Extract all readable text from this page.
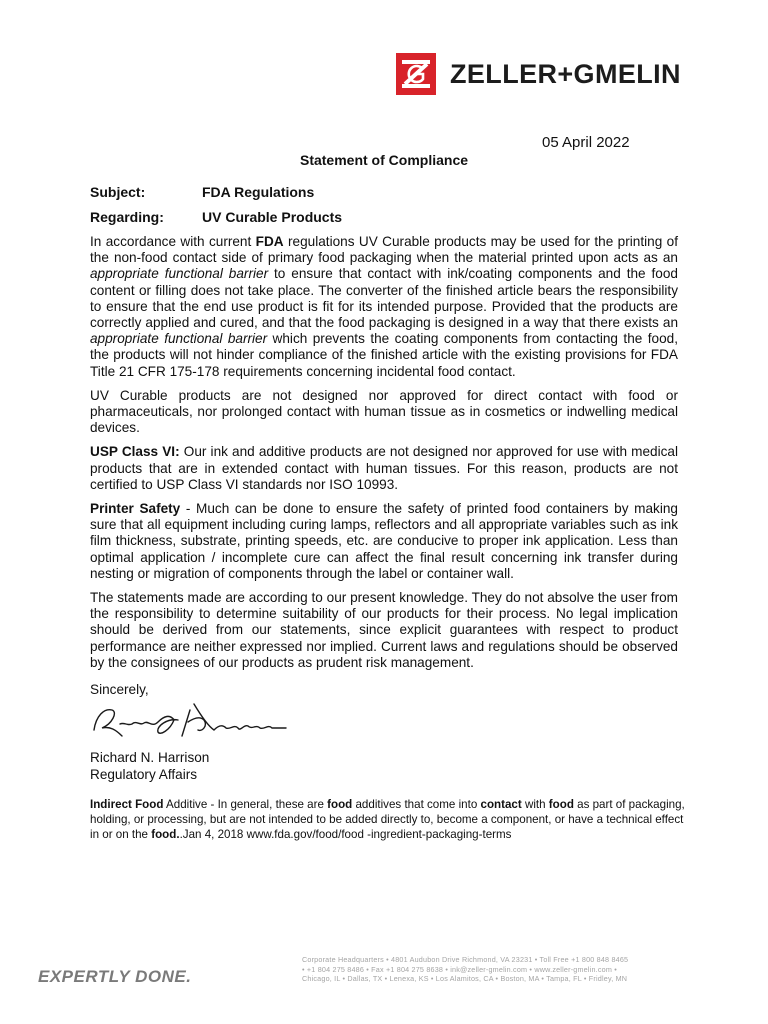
ZELLER+GMELIN
05 April 2022
Statement of Compliance
Subject:	FDA Regulations
Regarding:	UV Curable Products

In accordance with current FDA regulations UV Curable products may be used for the printing of the non-food contact side of primary food packaging when the material printed upon acts as an appropriate functional barrier to ensure that contact with ink/coating components and the food content or filling does not take place. The converter of the finished article bears the responsibility to ensure that the end use product is fit for its intended purpose. Provided that the products are correctly applied and cured, and that the food packaging is designed in a way that there exists an appropriate functional barrier which prevents the coating components from contacting the food, the products will not hinder compliance of the finished article with the existing provisions for FDA Title 21 CFR 175-178 requirements concerning incidental food contact.

UV Curable products are not designed nor approved for direct contact with food or pharmaceuticals, nor prolonged contact with human tissue as in cosmetics or indwelling medical devices.

USP Class VI: Our ink and additive products are not designed nor approved for use with medical products that are in extended contact with human tissues. For this reason, products are not certified to USP Class VI standards nor ISO 10993.

Printer Safety - Much can be done to ensure the safety of printed food containers by making sure that all equipment including curing lamps, reflectors and all appropriate variables such as ink film thickness, substrate, printing speeds, etc. are conducive to proper ink application. Less than optimal application / incomplete cure can affect the final result concerning ink transfer during nesting or migration of components through the label or container wall.

The statements made are according to our present knowledge. They do not absolve the user from the responsibility to determine suitability of our products for their process. No legal implication should be derived from our statements, since explicit guarantees with respect to product performance are neither expressed nor implied. Current laws and regulations should be observed by the consignees of our products as prudent risk management.

Sincerely,
Richard N. Harrison
Regulatory Affairs
Indirect Food Additive - In general, these are food additives that come into contact with food as part of packaging, holding, or processing, but are not intended to be added directly to, become a component, or have a technical effect in or on the food..Jan 4, 2018 www.fda.gov/food/food -ingredient-packaging-terms
EXPERTLY DONE.
Corporate Headquarters • 4801 Audubon Drive Richmond, VA 23231 • Toll Free +1 800 848 8465
• +1 804 275 8486 • Fax +1 804 275 8638 • ink@zeller-gmelin.com • www.zeller-gmelin.com •
Chicago, IL • Dallas, TX • Lenexa, KS • Los Alamitos, CA • Boston, MA • Tampa, FL • Fridley, MN
